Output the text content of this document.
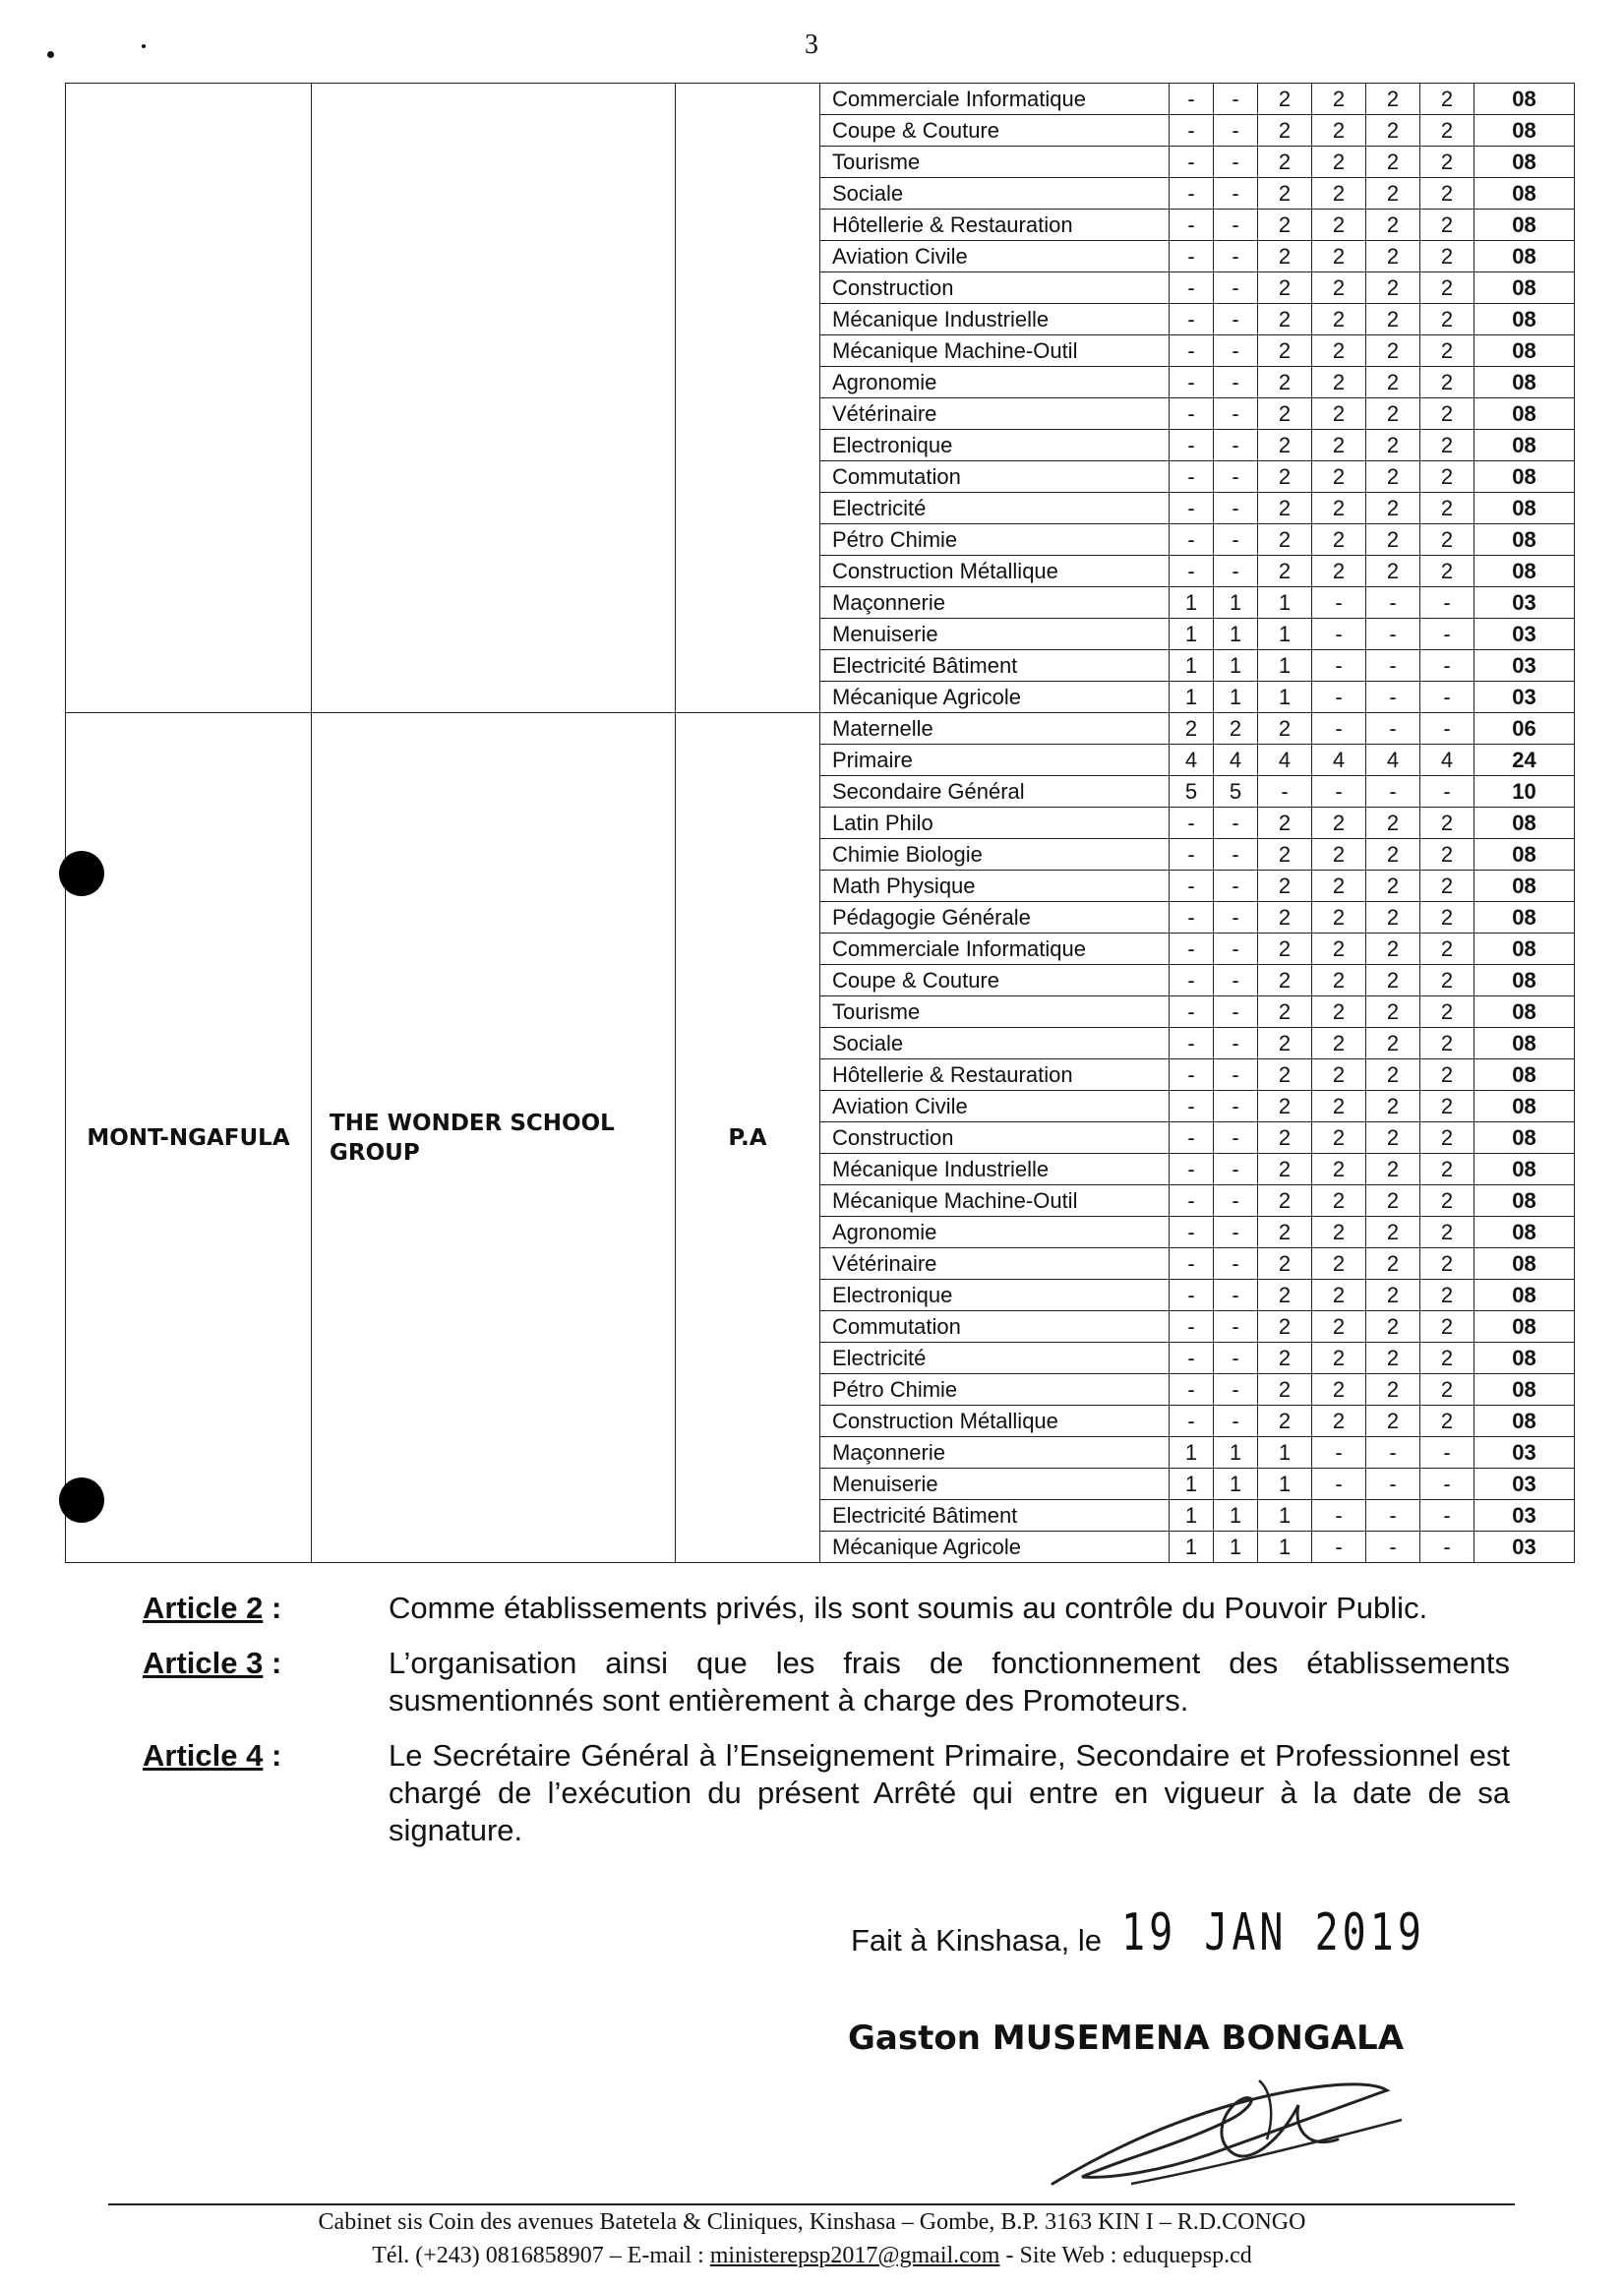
3
			Commerciale Informatique	-	-	2	2	2	2	08
			Coupe & Couture	-	-	2	2	2	2	08
			Tourisme	-	-	2	2	2	2	08
			Sociale	-	-	2	2	2	2	08
			Hôtellerie & Restauration	-	-	2	2	2	2	08
			Aviation Civile	-	-	2	2	2	2	08
			Construction	-	-	2	2	2	2	08
			Mécanique Industrielle	-	-	2	2	2	2	08
			Mécanique Machine-Outil	-	-	2	2	2	2	08
			Agronomie	-	-	2	2	2	2	08
			Vétérinaire	-	-	2	2	2	2	08
			Electronique	-	-	2	2	2	2	08
			Commutation	-	-	2	2	2	2	08
			Electricité	-	-	2	2	2	2	08
			Pétro Chimie	-	-	2	2	2	2	08
			Construction Métallique	-	-	2	2	2	2	08
			Maçonnerie	1	1	1	-	-	-	03
			Menuiserie	1	1	1	-	-	-	03
			Electricité Bâtiment	1	1	1	-	-	-	03
			Mécanique Agricole	1	1	1	-	-	-	03
MONT-NGAFULA	THE WONDER SCHOOL GROUP	P.A	Maternelle	2	2	2	-	-	-	06
			Primaire	4	4	4	4	4	4	24
			Secondaire Général	5	5	-	-	-	-	10
			Latin Philo	-	-	2	2	2	2	08
			Chimie Biologie	-	-	2	2	2	2	08
			Math Physique	-	-	2	2	2	2	08
			Pédagogie Générale	-	-	2	2	2	2	08
			Commerciale Informatique	-	-	2	2	2	2	08
			Coupe & Couture	-	-	2	2	2	2	08
			Tourisme	-	-	2	2	2	2	08
			Sociale	-	-	2	2	2	2	08
			Hôtellerie & Restauration	-	-	2	2	2	2	08
			Aviation Civile	-	-	2	2	2	2	08
			Construction	-	-	2	2	2	2	08
			Mécanique Industrielle	-	-	2	2	2	2	08
			Mécanique Machine-Outil	-	-	2	2	2	2	08
			Agronomie	-	-	2	2	2	2	08
			Vétérinaire	-	-	2	2	2	2	08
			Electronique	-	-	2	2	2	2	08
			Commutation	-	-	2	2	2	2	08
			Electricité	-	-	2	2	2	2	08
			Pétro Chimie	-	-	2	2	2	2	08
			Construction Métallique	-	-	2	2	2	2	08
			Maçonnerie	1	1	1	-	-	-	03
			Menuiserie	1	1	1	-	-	-	03
			Electricité Bâtiment	1	1	1	-	-	-	03
			Mécanique Agricole	1	1	1	-	-	-	03
Article 2 :	Comme établissements privés, ils sont soumis au contrôle du Pouvoir Public.
Article 3 :	L’organisation ainsi que les frais de fonctionnement des établissements susmentionnés sont entièrement à charge des Promoteurs.
Article 4 :	Le Secrétaire Général à l’Enseignement Primaire, Secondaire et Professionnel est chargé de l’exécution du présent Arrêté qui entre en vigueur à la date de sa signature.
Fait à Kinshasa, le 19 JAN 2019
Gaston MUSEMENA BONGALA
Cabinet sis Coin des avenues Batetela & Cliniques, Kinshasa – Gombe, B.P. 3163 KIN I – R.D.CONGO
Tél. (+243) 0816858907 – E-mail : ministerepsp2017@gmail.com - Site Web : eduquepsp.cd
